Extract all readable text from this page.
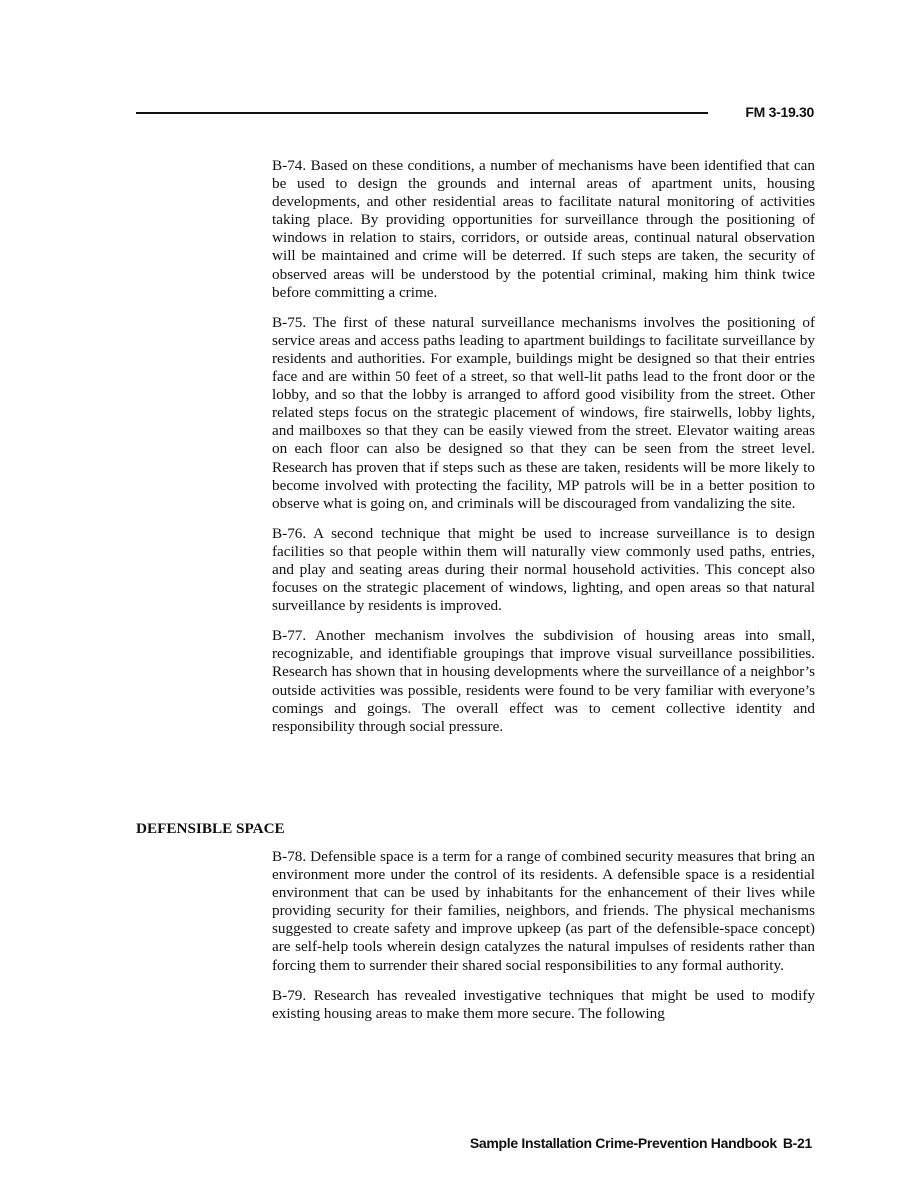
FM 3-19.30

B-74. Based on these conditions, a number of mechanisms have been identified that can be used to design the grounds and internal areas of apartment units, housing developments, and other residential areas to facilitate natural monitoring of activities taking place. By providing opportunities for surveillance through the positioning of windows in relation to stairs, corridors, or outside areas, continual natural observation will be maintained and crime will be deterred. If such steps are taken, the security of observed areas will be understood by the potential criminal, making him think twice before committing a crime.

B-75. The first of these natural surveillance mechanisms involves the positioning of service areas and access paths leading to apartment buildings to facilitate surveillance by residents and authorities. For example, buildings might be designed so that their entries face and are within 50 feet of a street, so that well-lit paths lead to the front door or the lobby, and so that the lobby is arranged to afford good visibility from the street. Other related steps focus on the strategic placement of windows, fire stairwells, lobby lights, and mailboxes so that they can be easily viewed from the street. Elevator waiting areas on each floor can also be designed so that they can be seen from the street level. Research has proven that if steps such as these are taken, residents will be more likely to become involved with protecting the facility, MP patrols will be in a better position to observe what is going on, and criminals will be discouraged from vandalizing the site.

B-76. A second technique that might be used to increase surveillance is to design facilities so that people within them will naturally view commonly used paths, entries, and play and seating areas during their normal household activities. This concept also focuses on the strategic placement of windows, lighting, and open areas so that natural surveillance by residents is improved.

B-77. Another mechanism involves the subdivision of housing areas into small, recognizable, and identifiable groupings that improve visual surveillance possibilities. Research has shown that in housing developments where the surveillance of a neighbor’s outside activities was possible, residents were found to be very familiar with everyone’s comings and goings. The overall effect was to cement collective identity and responsibility through social pressure.

DEFENSIBLE SPACE

B-78. Defensible space is a term for a range of combined security measures that bring an environment more under the control of its residents. A defensible space is a residential environment that can be used by inhabitants for the enhancement of their lives while providing security for their families, neighbors, and friends. The physical mechanisms suggested to create safety and improve upkeep (as part of the defensible-space concept) are self-help tools wherein design catalyzes the natural impulses of residents rather than forcing them to surrender their shared social responsibilities to any formal authority.

B-79. Research has revealed investigative techniques that might be used to modify existing housing areas to make them more secure. The following

Sample Installation Crime-Prevention Handbook B-21
